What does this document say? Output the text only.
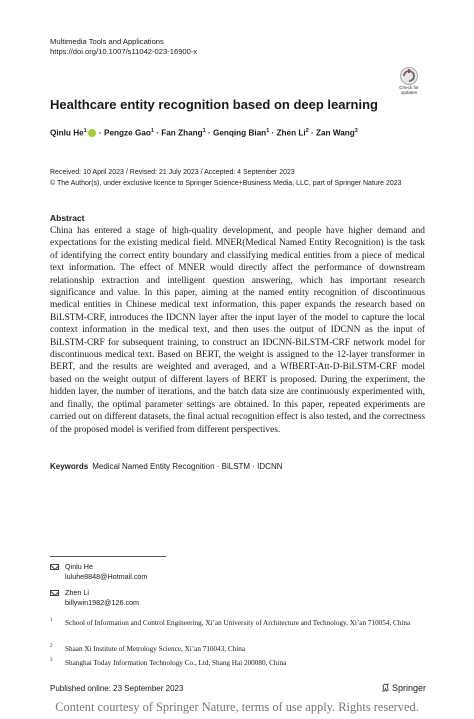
Multimedia Tools and Applications
https://doi.org/10.1007/s11042-023-16900-x
Check for
updates
Healthcare entity recognition based on deep learning
Qinlu $He^1$ · Pengze Gao$^1$ · Fan Zhang$^1$ · Genqing Bian$^1$ · Zhen $Li^2$ · Zan Wang$^3$
Received: 10 April 2023 / Revised: 21 July 2023 / Accepted: 4 September 2023
© The Author(s), under exclusive licence to Springer Science+Business Media, LLC, part of Springer Nature 2023
Abstract
China has entered a stage of high-quality development, and people have higher demand and expectations for the existing medical field. MNER(Medical Named Entity Recognition) is the task of identifying the correct entity boundary and classifying medical entities from a piece of medical text information. The effect of MNER would directly affect the performance of downstream relationship extraction and intelligent question answering, which has important research significance and value. In this paper, aiming at the named entity recognition of discontinuous medical entities in Chinese medical text information, this paper expands the research based on BiLSTM-CRF, introduces the IDCNN layer after the input layer of the model to capture the local context information in the medical text, and then uses the output of IDCNN as the input of BiLSTM-CRF for subsequent training, to construct an IDCNN-BiLSTM-CRF network model for discontinuous medical text. Based on BERT, the weight is assigned to the 12-layer transformer in BERT, and the results are weighted and averaged, and a WfBERT-Att-D-BiLSTM-CRF model based on the weight output of different layers of BERT is proposed. During the experiment, the hidden layer, the number of iterations, and the batch data size are continuously experimented with, and finally, the optimal parameter settings are obtained. In this paper, repeated experiments are carried out on different datasets, the final actual recognition effect is also tested, and the correctness of the proposed model is verified from different perspectives.
Keywords Medical Named Entity Recognition · BiLSTM · IDCNN
Qinlu He
luluhe8848@Hotmail.com
Zhen Li
billywin1982@126.com
1 School of Information and Control Engineering, Xi’an University of Architecture and Technology, Xi’an 710054, China
2 Shaan Xi Institute of Metrology Science, Xi’an 710043, China
3 Shanghai Today Information Technology Co., Ltd, Shang Hai 200080, China
Published online: 23 September 2023	Springer
Content courtesy of Springer Nature, terms of use apply. Rights reserved.
